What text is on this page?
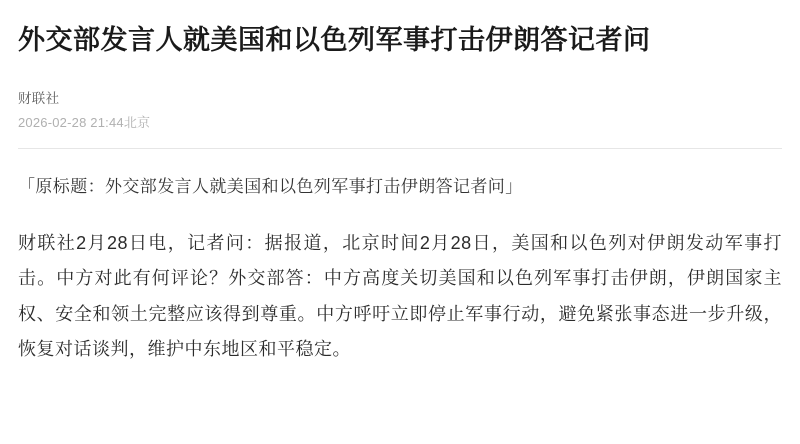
外交部发言人就美国和以色列军事打击伊朗答记者问
财联社
2026-02-28 21:44北京
「原标题：外交部发言人就美国和以色列军事打击伊朗答记者问」
财联社2月28日电，记者问：据报道，北京时间2月28日，美国和以色列对伊朗发动军事打击。中方对此有何评论？外交部答：中方高度关切美国和以色列军事打击伊朗，伊朗国家主权、安全和领土完整应该得到尊重。中方呼吁立即停止军事行动，避免紧张事态进一步升级，恢复对话谈判，维护中东地区和平稳定。
